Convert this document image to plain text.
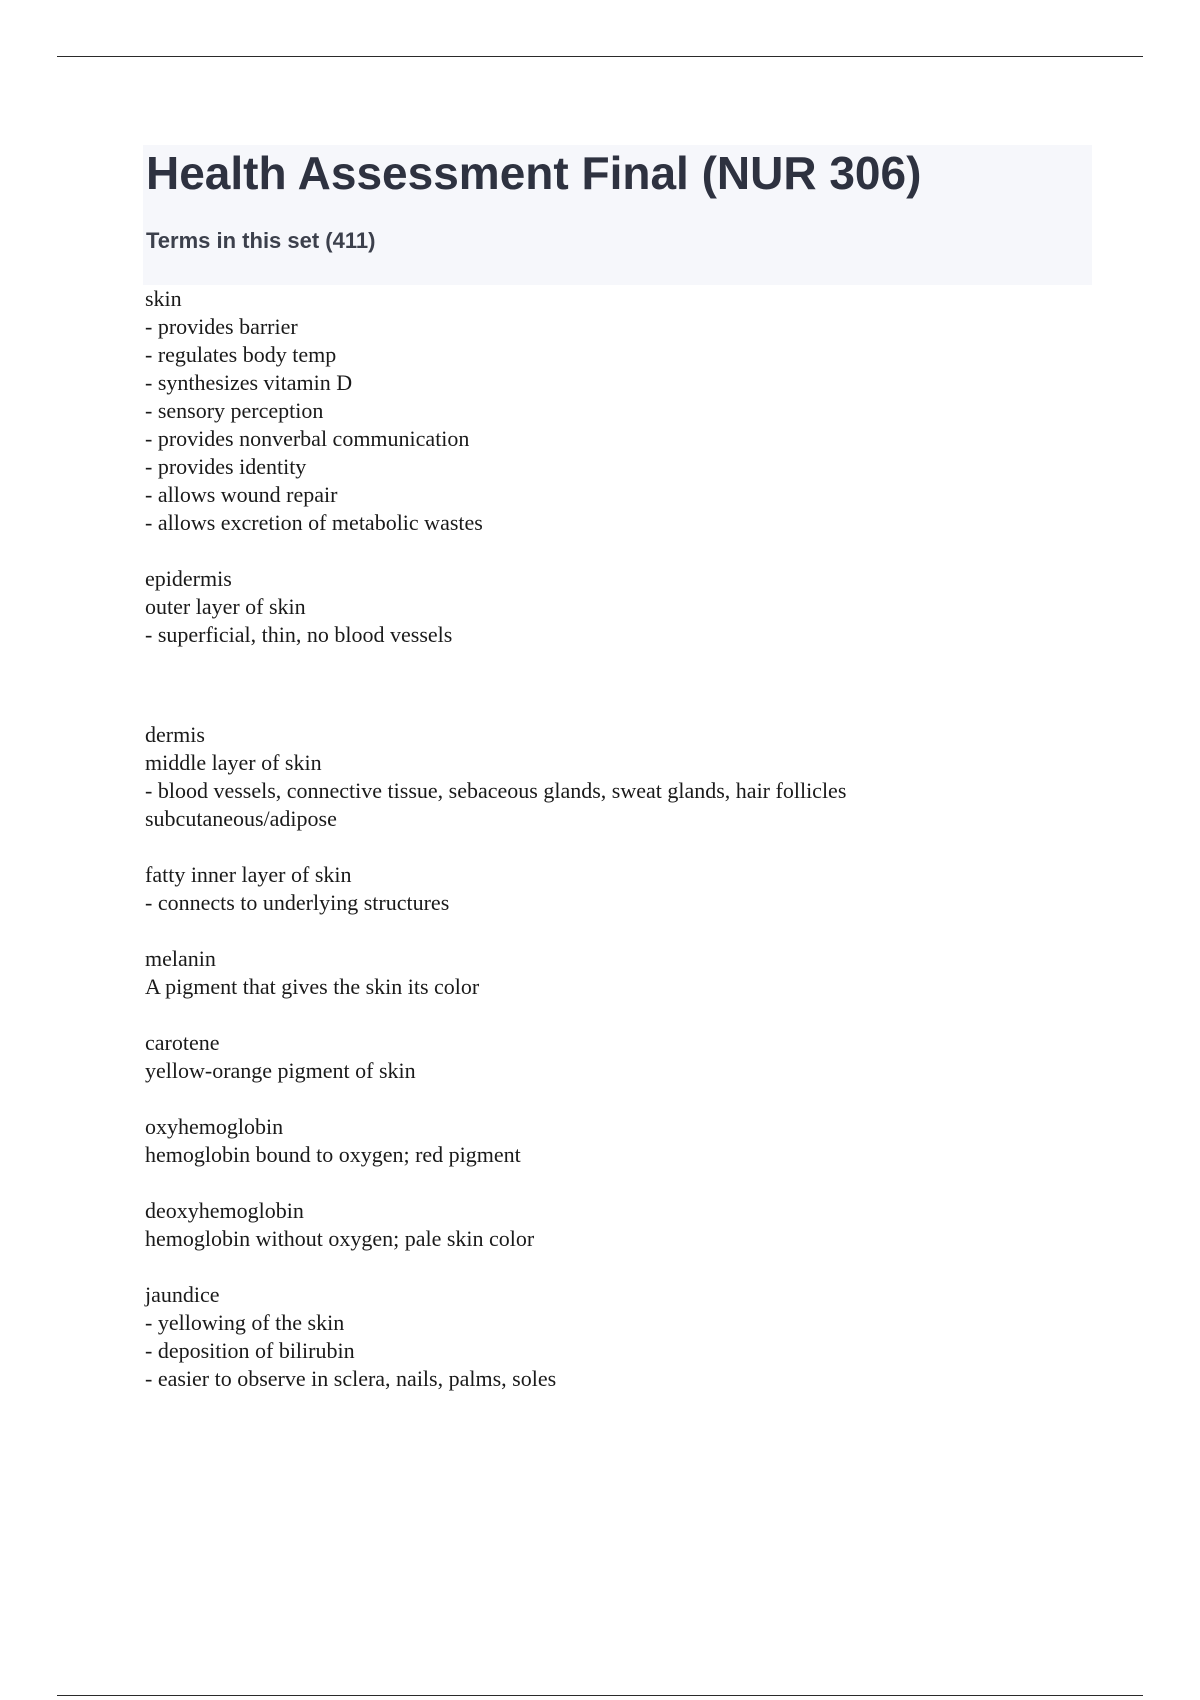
Health Assessment Final (NUR 306)
Terms in this set (411)
skin
- provides barrier
- regulates body temp
- synthesizes vitamin D
- sensory perception
- provides nonverbal communication
- provides identity
- allows wound repair
- allows excretion of metabolic wastes
epidermis
outer layer of skin
- superficial, thin, no blood vessels
dermis
middle layer of skin
- blood vessels, connective tissue, sebaceous glands, sweat glands, hair follicles
subcutaneous/adipose
fatty inner layer of skin
- connects to underlying structures
melanin
A pigment that gives the skin its color
carotene
yellow-orange pigment of skin
oxyhemoglobin
hemoglobin bound to oxygen; red pigment
deoxyhemoglobin
hemoglobin without oxygen; pale skin color
jaundice
- yellowing of the skin
- deposition of bilirubin
- easier to observe in sclera, nails, palms, soles
